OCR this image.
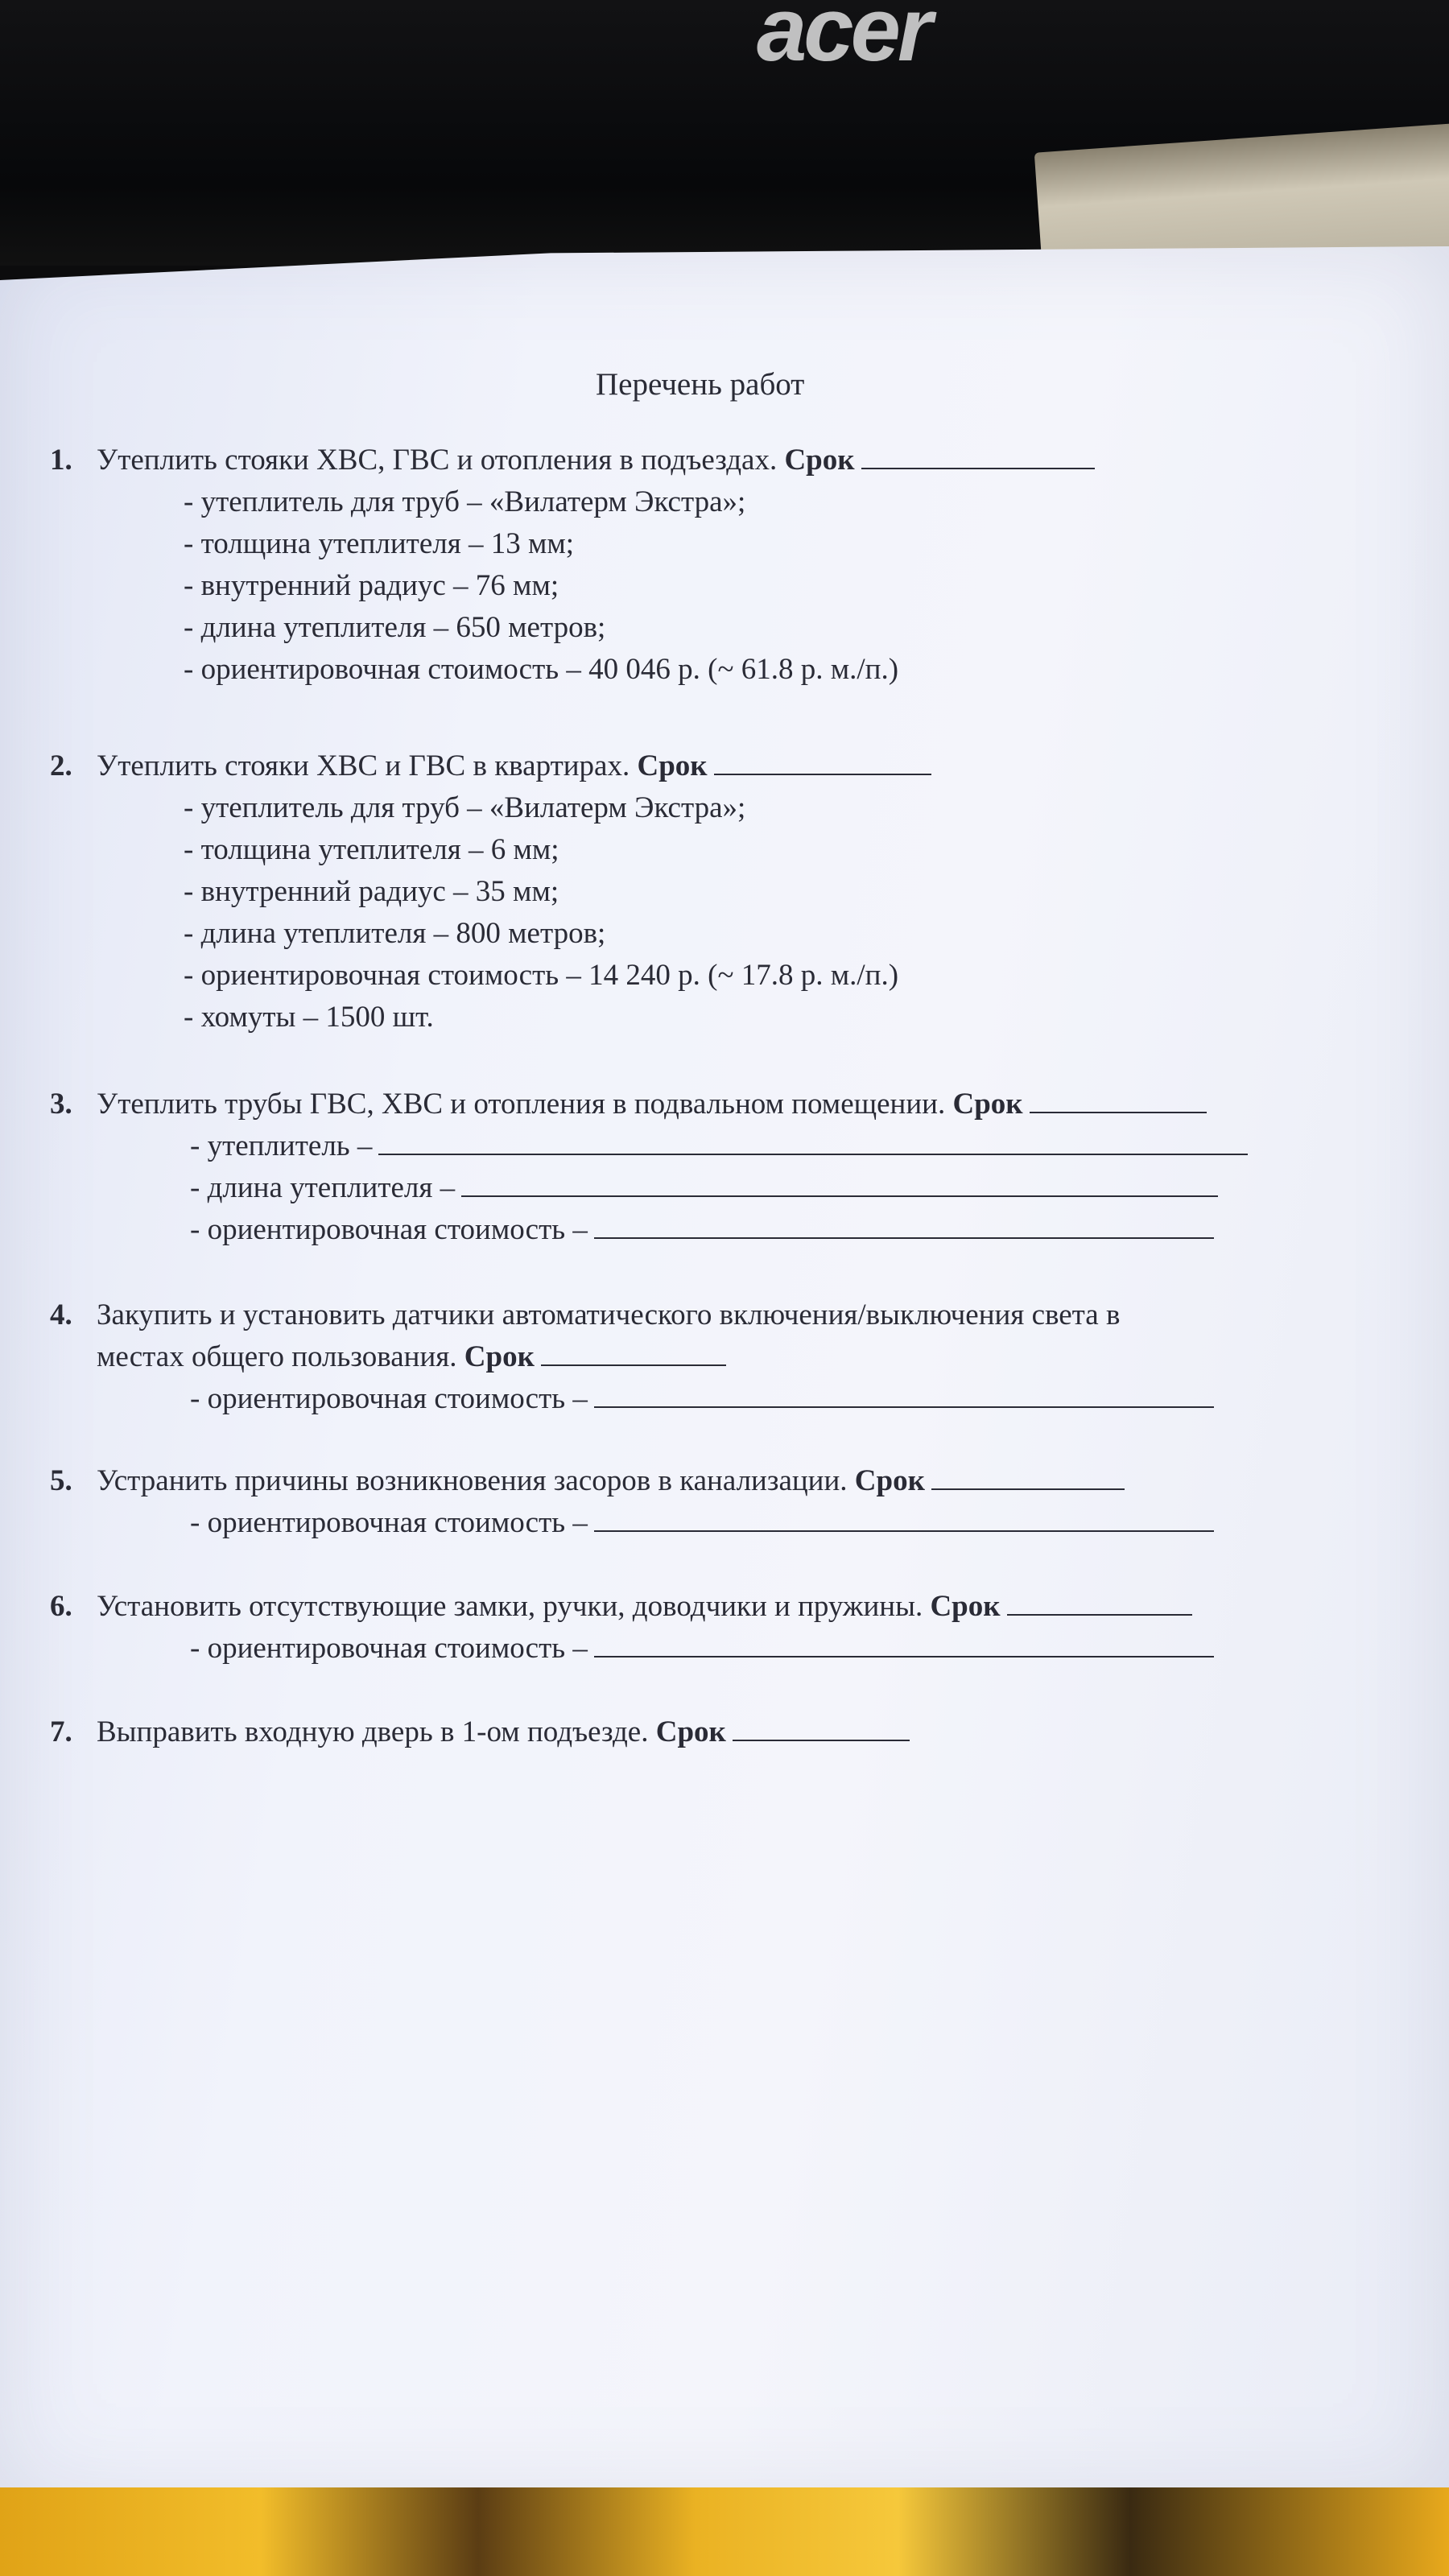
acer
Перечень работ
1. Утеплить стояки ХВС, ГВС и отопления в подъездах. Срок
- утеплитель для труб – «Вилатерм Экстра»;
- толщина утеплителя – 13 мм;
- внутренний радиус – 76 мм;
- длина утеплителя – 650 метров;
- ориентировочная стоимость – 40 046 р. (~ 61.8 р. м./п.)
2. Утеплить стояки ХВС и ГВС в квартирах. Срок
- утеплитель для труб – «Вилатерм Экстра»;
- толщина утеплителя – 6 мм;
- внутренний радиус – 35 мм;
- длина утеплителя – 800 метров;
- ориентировочная стоимость – 14 240 р. (~ 17.8 р. м./п.)
- хомуты – 1500 шт.
3. Утеплить трубы ГВС, ХВС и отопления в подвальном помещении. Срок
- утеплитель –
- длина утеплителя –
- ориентировочная стоимость –
4. Закупить и установить датчики автоматического включения/выключения света в
местах общего пользования. Срок
- ориентировочная стоимость –
5. Устранить причины возникновения засоров в канализации. Срок
- ориентировочная стоимость –
6. Установить отсутствующие замки, ручки, доводчики и пружины. Срок
- ориентировочная стоимость –
7. Выправить входную дверь в 1-ом подъезде. Срок
